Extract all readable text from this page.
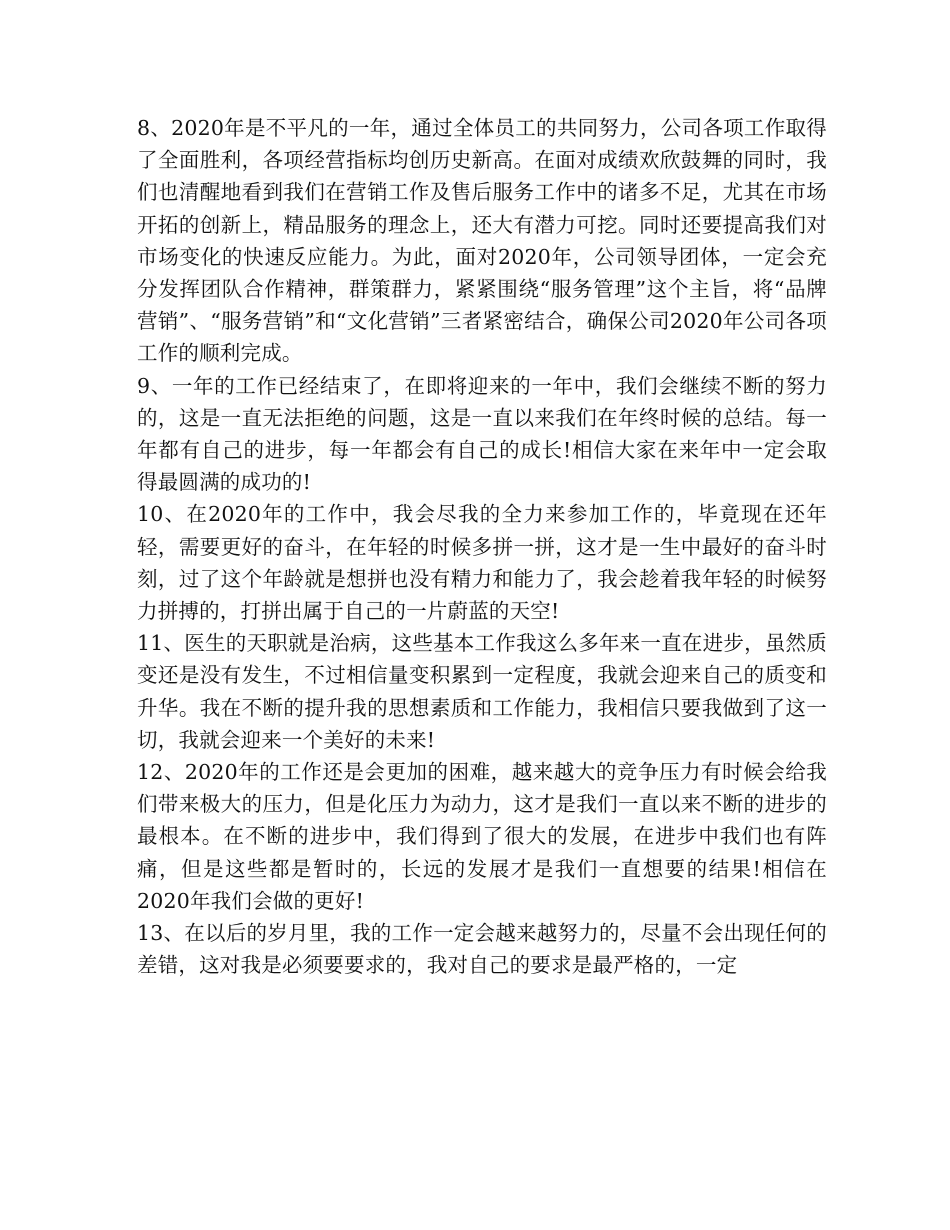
8、2020年是不平凡的一年，通过全体员工的共同努力，公司各项工作取得了全面胜利，各项经营指标均创历史新高。在面对成绩欢欣鼓舞的同时，我们也清醒地看到我们在营销工作及售后服务工作中的诸多不足，尤其在市场开拓的创新上，精品服务的理念上，还大有潜力可挖。同时还要提高我们对市场变化的快速反应能力。为此，面对2020年，公司领导团体，一定会充分发挥团队合作精神，群策群力，紧紧围绕“服务管理”这个主旨，将“品牌营销”、“服务营销”和“文化营销”三者紧密结合，确保公司2020年公司各项工作的顺利完成。

9、一年的工作已经结束了，在即将迎来的一年中，我们会继续不断的努力的，这是一直无法拒绝的问题，这是一直以来我们在年终时候的总结。每一年都有自己的进步，每一年都会有自己的成长!相信大家在来年中一定会取得最圆满的成功的!

10、在2020年的工作中，我会尽我的全力来参加工作的，毕竟现在还年轻，需要更好的奋斗，在年轻的时候多拼一拼，这才是一生中最好的奋斗时刻，过了这个年龄就是想拼也没有精力和能力了，我会趁着我年轻的时候努力拼搏的，打拼出属于自己的一片蔚蓝的天空!

11、医生的天职就是治病，这些基本工作我这么多年来一直在进步，虽然质变还是没有发生，不过相信量变积累到一定程度，我就会迎来自己的质变和升华。我在不断的提升我的思想素质和工作能力，我相信只要我做到了这一切，我就会迎来一个美好的未来!

12、2020年的工作还是会更加的困难，越来越大的竞争压力有时候会给我们带来极大的压力，但是化压力为动力，这才是我们一直以来不断的进步的最根本。在不断的进步中，我们得到了很大的发展，在进步中我们也有阵痛，但是这些都是暂时的，长远的发展才是我们一直想要的结果!相信在2020年我们会做的更好!

13、在以后的岁月里，我的工作一定会越来越努力的，尽量不会出现任何的差错，这对我是必须要要求的，我对自己的要求是最严格的，一定
